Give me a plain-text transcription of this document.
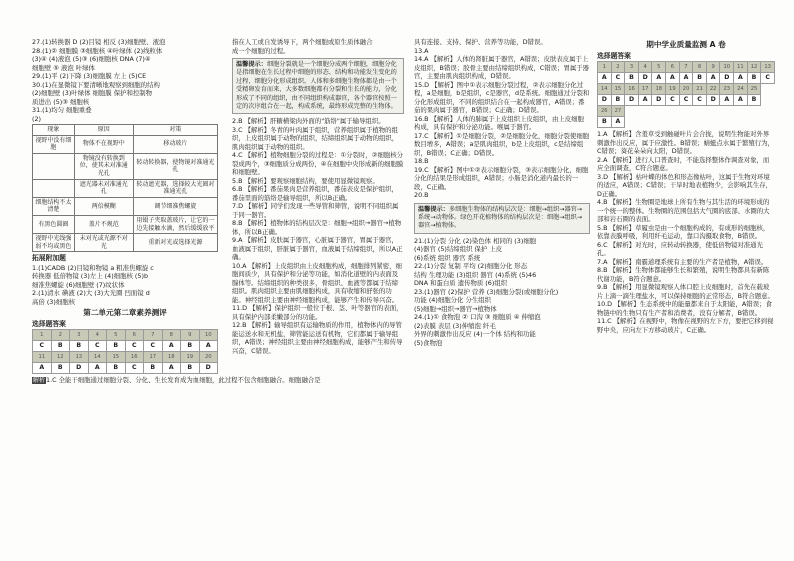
27.(1)转换器 D (2)目镜 相反 (3)细胞壁、液泡
28.(1)② 细胞膜 ③细胞核 ④叶绿体 (2)线粒体
(3)④ (4)液泡 (5)③ (6)细胞核 DNA (7)④
细胞壁 ⑤ 液泡 叶绿体
29.(1)平 (2)下降 (3)细胞膜 左上 (5)CE
30.(1)在显微镜下要清晰地观察到细胞的结构
(2)细胞壁 (3)叶绿体 细胞膜 保护和控制物
质进出 (5)③ 细胞核
31.(1)均匀 细胞重叠
(2)
现象	原因	对策
视野中没有细胞	物体不在视野中	移动玻片
	物镜没有转换到位，使其未对准通光孔	转动转换器，使物镜对准通光孔
	遮光器未对准通光孔	转动遮光器，选择较大光圈对准通光孔
细胞结构不太清楚	两倍模糊	调节细准焦螺旋
有黑色圆圈	盖片不规范	用镊子夹取盖玻片，让它的一边先接触水滴，然后缓缓放平
视野中光线强弱不均或黑色	未对光或光源不对光	重新对光或选择光源
拓展附加题
1.(1)CADB (2)目镜和物镜 a 粗准焦螺旋 c
转换器 低倍物镜 (3)左上 (4)细胞核 (5)b
细准焦螺旋 (6)细胞壁 (7)纹状体
2.(1)清水 碘液 (2)大 (3)大光圈 凹面镜 d
高倍 (3)细胞核
第二单元第二章素养测评
选择题答案
1	2	3	4	5	6	7	8	9	10
C	B	B	C	B	C	C	A	B	A
11	12	13	14	15	16	17	18	19	20
A	B	D	A	B	C	B	A	B	D
解析1.C 全能干细胞通过细胞分裂、分化、生长发育成为血细胞，此过程不包含细胞融合。细胞融合是
指在人工或自发诱导下，两个细胞或原生质体融合
成一个细胞的过程。
温馨提示：细胞分裂就是一个细胞分成两个细胞，细胞分化是指细胞在生长过程中细胞的形态、结构和功能发生变化的过程，细胞分化形成组织。人体和多细胞生物体都是由一个受精卵发育而来，大多数细胞都有分裂和生长的能力，分化形成了不同的组织，由不同组织构成器官，各个器官按照一定的次序组合在一起，构成系统，最终形成完整的生物体。
2.B 【解析】肝糖横梁肉外面的"筋络"属于输导组织。
3.C 【解析】冬青的叶肉属于组织，营养组织属于植物的组织，上皮组织属于动物的组织，结缔组织属于动物的组织，肌肉组织属于动物的组织。
4.C 【解析】植物细胞分裂的过程是：①分裂时，②细胞核分裂成两个，③细胞质分成两份，④在细胞中央形成新的细胞膜和细胞壁。
5.B 【解析】要观察细胞结构，要使用显微镜观察。
6.B 【解析】番茄果肉是营养组织，番茄表皮是保护组织，番茄里面的筋络是输导组织，所以B正确。
7.D 【解析】同学们发现一些导管和筛管，说明不同组织属于同一器官。
8.B 【解析】植物体的结构层次是：细胞→组织→器官→植物体，所以B正确。
9.A 【解析】皮肤属于器官，心脏属于器官，胃属于器官，血液属于组织，肝脏属于器官，血液属于结缔组织，所以A正确。
10.A 【解析】上皮组织由上皮细胞构成，细胞排列紧密，细胞间质少，具有保护和分泌等功能，如消化道壁的内表面及腺体等。结缔组织的种类很多，骨组织、血液等都属于结缔组织。肌肉组织主要由肌细胞构成，具有收缩和舒张的功能。神经组织主要由神经细胞构成，能够产生和传导兴奋。
11.D 【解析】保护组织一般位于根、茎、叶等器官的表面，具有保护内部柔嫩部分的功能。
12.B 【解析】输导组织有运输物质的作用，植物体内的导管能运送水和无机盐，筛管能运送有机物，它们都属于输导组织，A错误；神经组织主要由神经细胞构成，能够产生和传导兴奋，C错误。
具有连接、支持、保护、营养等功能，D错误。
13.A
14.A 【解析】人体的肾脏属于器官，A错误；皮肤表皮属于上皮组织，B错误；胶骨主要由结缔组织构成，C错误；胃属于器官，主要由肌肉组织构成，D错误。
15.D 【解析】图中①表示细胞分裂过程，②表示细胞分化过程，a是细胞，b是组织，c是器官，d是系统。细胞通过分裂和分化形成组织，不同的组织结合在一起构成器官，A错误；番茄的果肉属于器官，B错误；C正确；D错误。
16.B 【解析】人体的肺属于上皮组织上皮组织，由上皮细胞构成，具有保护和分泌功能。喉属于器官。
17.C 【解析】①是细胞分裂，②是细胞分化，细胞分裂使细胞数目增多，A错误；a是肌肉组织，b是上皮组织，c是结缔组织，B错误；C正确；D错误。
18.B
19.C 【解析】图中①②表示细胞分裂，③表示细胞分化，细胞分化的结果是形成组织，A错误；小肠是消化道内最长的一段，C正确。
20.B
温馨提示：多细胞生物体的结构层次是：细胞→组织→器官→系统→动物体。绿色开花植物体的结构层次是：细胞→组织→器官→植物体。
21.(1)分裂 分化 (2)染色体 相同的 (3)细胞
(4)器官 (5)结缔组织 保护 上皮
(6)系统 组织 器官 系统
22.(1)分裂 复制 平均 (2)细胞分化 形态
结构 生理功能 (3)组织 器官 (4)系统 (5)46
DNA 和蛋白质 遗传物质 (6)组织
23.(1)器官 (2)保护 营养 (3)细胞分裂(或细胞分化)
功能 (4)细胞分化 分生组织
(5)细胞→组织→器官→植物体
24.(1)① 食物泡 ② 口沟 ③ 细胞质 ④ 伸缩泡
(2)表膜 表层 (3)伸缩泡 纤毛
外界的刺激作出反应 (4)一个体 结构和功能
(5)食物泡
期中学业质量监测 A 卷
选择题答案
1	2	3	4	5	6	7	8	9	10	11	12	13
A	C	B	D	A	A	A	B	A	D	A	B	C
14	15	16	17	18	19	20	21	22	23	24	25	
D	B	D	A	D	C	C	C	D	A	A	B	
26	27											
B	A											
1.A 【解析】含羞草受到触碰叶片会合拢，说明生物能对外界刺激作出反应，属于应激性。B错误；蜻蜓点水属于繁殖行为，C错误；葵花朵朵向太阳，D错误。
2.A 【解析】进行人口普查时，不能选择整体作调查对象，而应全面调查，C符合题意。
3.D 【解析】枯叶蝶的体色和形态像枯叶，这属于生物对环境的适应，A错误；C错误；干旱时地表植物少，会影响其生存，D正确。
4.B 【解析】生物圈是地球上所有生物与其生活的环境形成的一个统一的整体。生物圈的范围包括大气圈的底部、水圈的大部和岩石圈的表面。
5.B 【解析】草履虫是由一个细胞构成的，有成形的细胞核，依靠表膜呼吸，利用纤毛运动，靠口沟摄取食物，B错误。
6.C 【解析】对光时，应转动转换器，使低倍物镜对准通光孔。
7.A 【解析】南霸道理系统有主要的生产者是植物，A错误。
8.B 【解析】生物体都能够生长和繁殖，说明生物都具有新陈代谢功能，B符合题意。
9.B 【解析】用显微镜观察人体口腔上皮细胞时，首先在载玻片上滴一滴生理盐水，可以保持细胞的正常形态，B符合题意。
10.D 【解析】生态系统中的能量都来自于太阳能，A错误；食物链中的生物只有生产者和消费者，没有分解者，B错误。
11.C 【解析】在视野中，物像在视野的左下方，要把它移到视野中央，应向左下方移动玻片，C正确。
